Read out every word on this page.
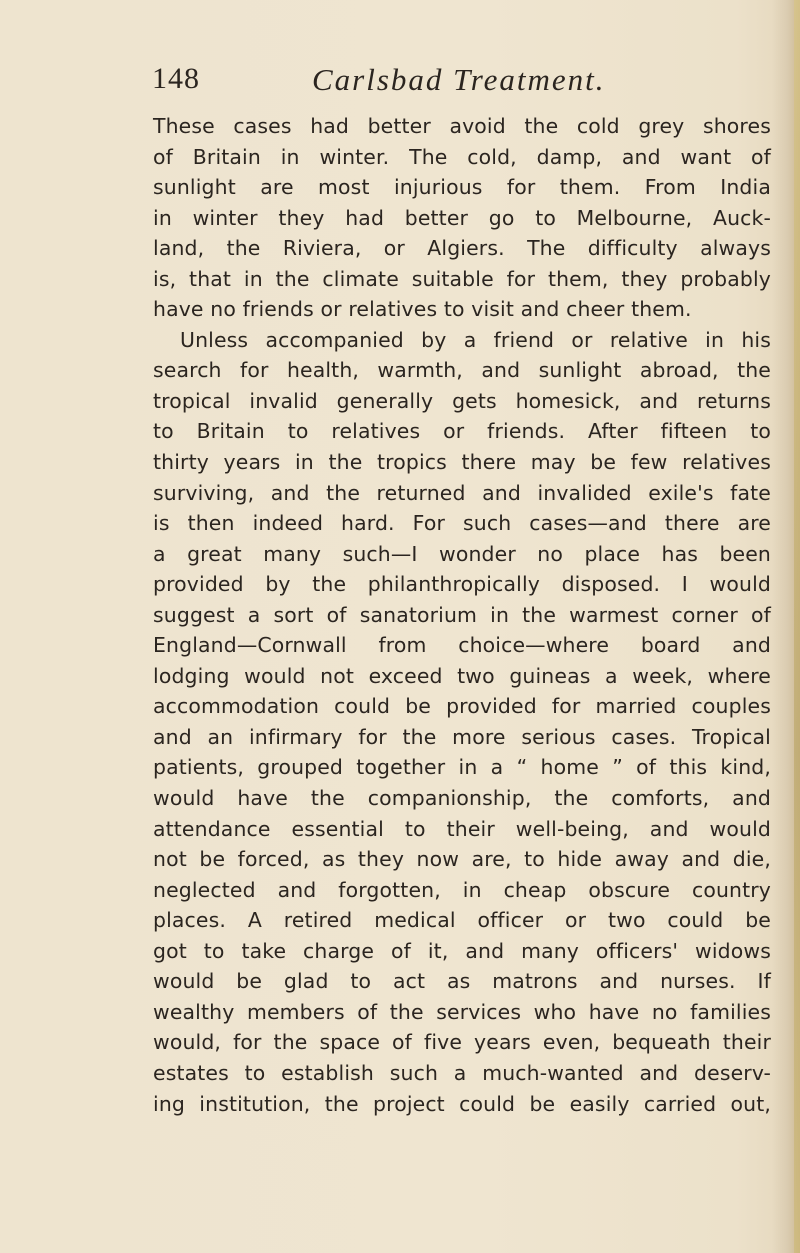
148	Carlsbad Treatment.
These cases had better avoid the cold grey shores
of Britain in winter. The cold, damp, and want of
sunlight are most injurious for them. From India
in winter they had better go to Melbourne, Auck-
land, the Riviera, or Algiers. The difficulty always
is, that in the climate suitable for them, they probably
have no friends or relatives to visit and cheer them.
Unless accompanied by a friend or relative in his
search for health, warmth, and sunlight abroad, the
tropical invalid generally gets homesick, and returns
to Britain to relatives or friends. After fifteen to
thirty years in the tropics there may be few relatives
surviving, and the returned and invalided exile's fate
is then indeed hard. For such cases—and there are
a great many such—I wonder no place has been
provided by the philanthropically disposed. I would
suggest a sort of sanatorium in the warmest corner of
England—Cornwall from choice—where board and
lodging would not exceed two guineas a week, where
accommodation could be provided for married couples
and an infirmary for the more serious cases. Tropical
patients, grouped together in a “ home ” of this kind,
would have the companionship, the comforts, and
attendance essential to their well-being, and would
not be forced, as they now are, to hide away and die,
neglected and forgotten, in cheap obscure country
places. A retired medical officer or two could be
got to take charge of it, and many officers' widows
would be glad to act as matrons and nurses. If
wealthy members of the services who have no families
would, for the space of five years even, bequeath their
estates to establish such a much-wanted and deserv-
ing institution, the project could be easily carried out,
